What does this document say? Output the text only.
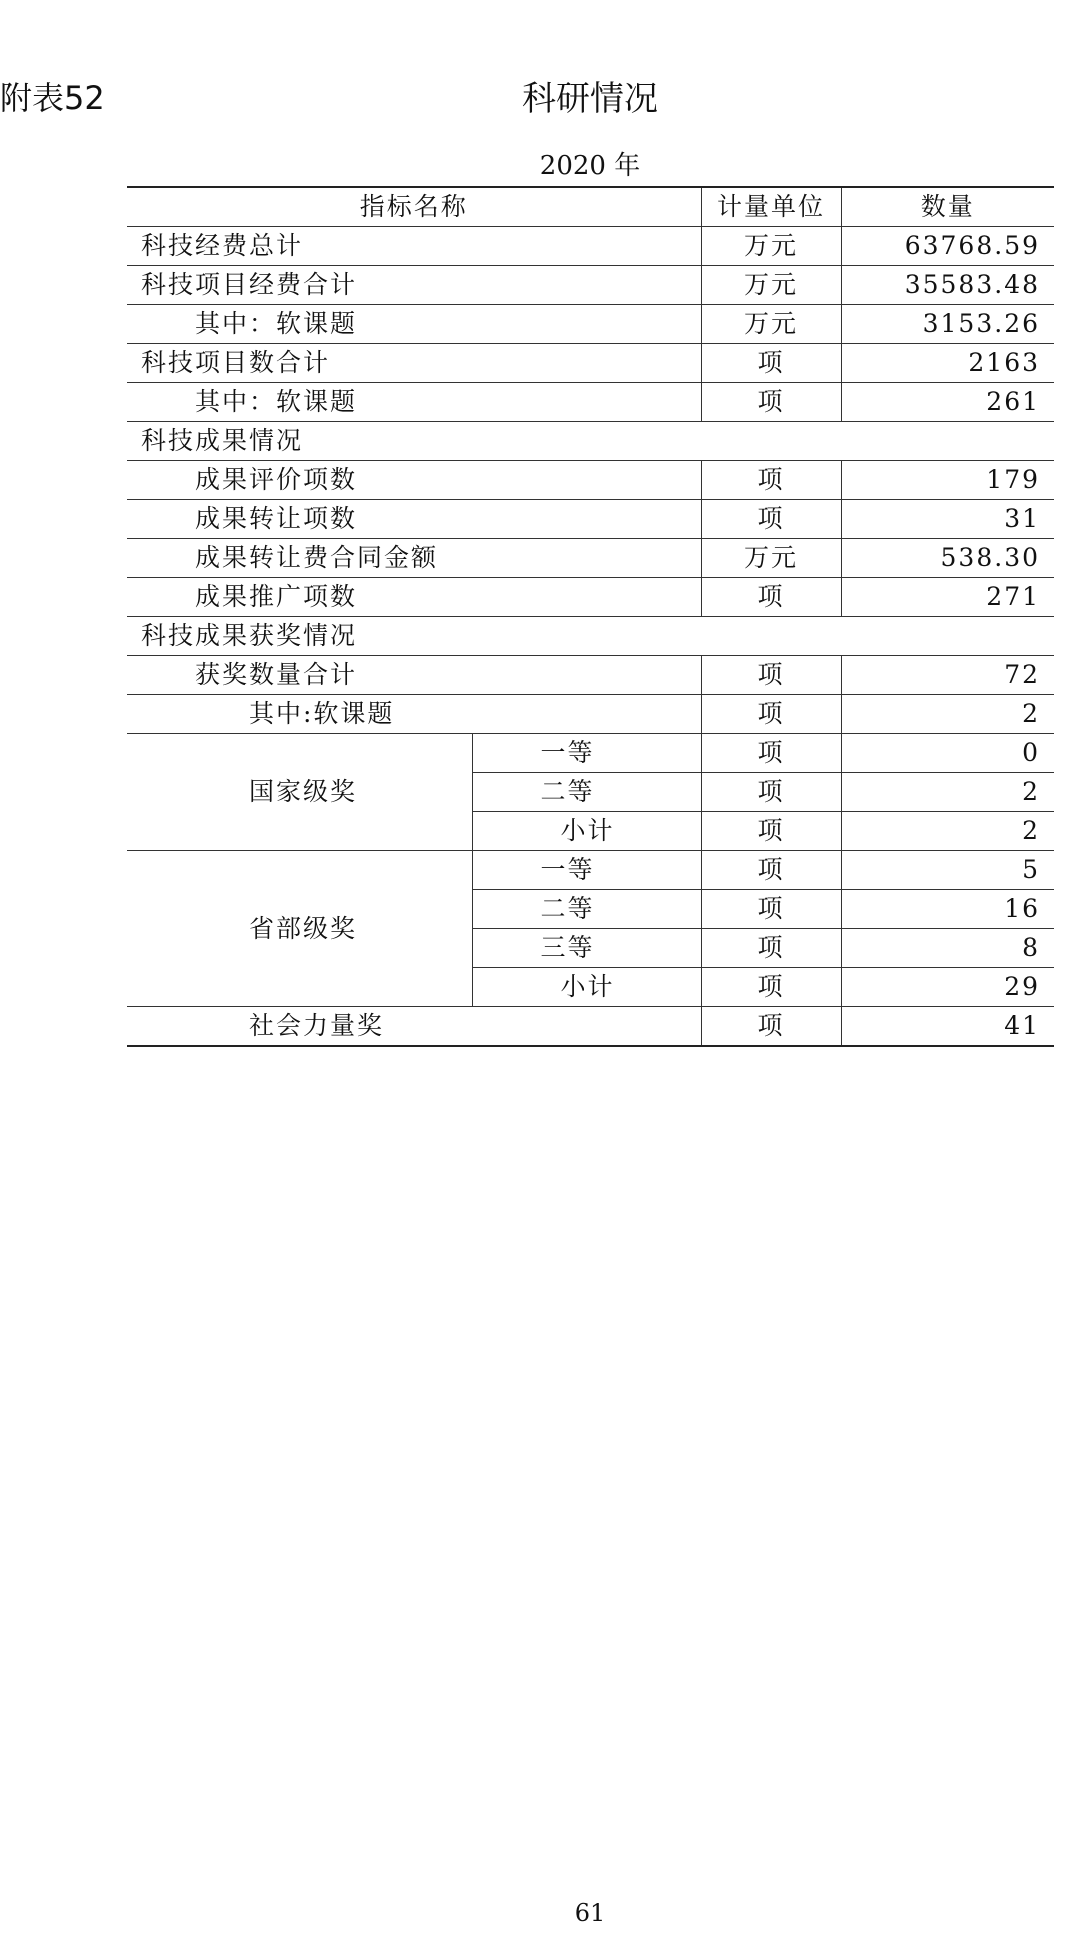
附表52	科研情况
2020 年
指标名称		计量单位	数量
科技经费总计		万元	63768.59
科技项目经费合计		万元	35583.48
其中：软课题		万元	3153.26
科技项目数合计		项	2163
其中：软课题		项	261
科技成果情况			
成果评价项数		项	179
成果转让项数		项	31
成果转让费合同金额		万元	538.30
成果推广项数		项	271
科技成果获奖情况			
获奖数量合计		项	72
其中:软课题		项	2
国家级奖	一等	项	0
	二等	项	2
	小计	项	2
省部级奖	一等	项	5
	二等	项	16
	三等	项	8
	小计	项	29
社会力量奖		项	41
61
